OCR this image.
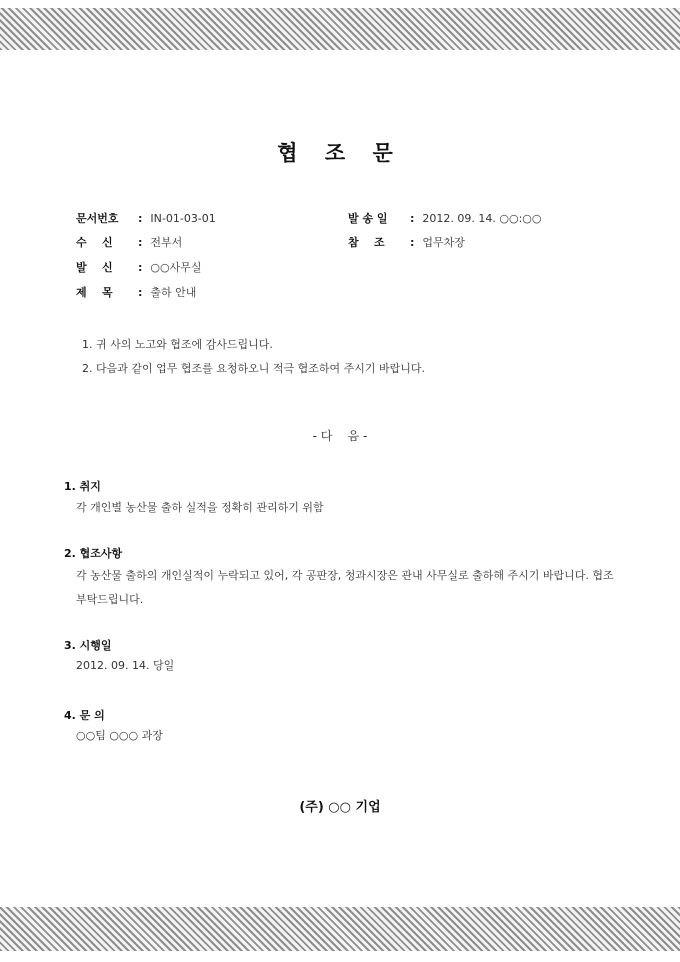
협 조 문
문서번호 : IN-01-03-01	발 송 일 : 2012. 09. 14. ○○:○○
수    신 : 전부서	참    조 : 업무차장
발    신 : ○○사무실
제    목 : 출하 안내
1. 귀 사의 노고와 협조에 감사드립니다.
2. 다음과 같이 업무 협조를 요청하오니 적극 협조하여 주시기 바랍니다.
- 다    음 -
1. 취지
각 개인별 농산물 출하 실적을 정확히 관리하기 위함
2. 협조사항
각 농산물 출하의 개인실적이 누락되고 있어, 각 공판장, 청과시장은 관내 사무실로 출하해 주시기 바랍니다. 협조 부탁드립니다.
3. 시행일
2012. 09. 14. 당일
4. 문 의
○○팀 ○○○ 과장
(주) ○○ 기업
